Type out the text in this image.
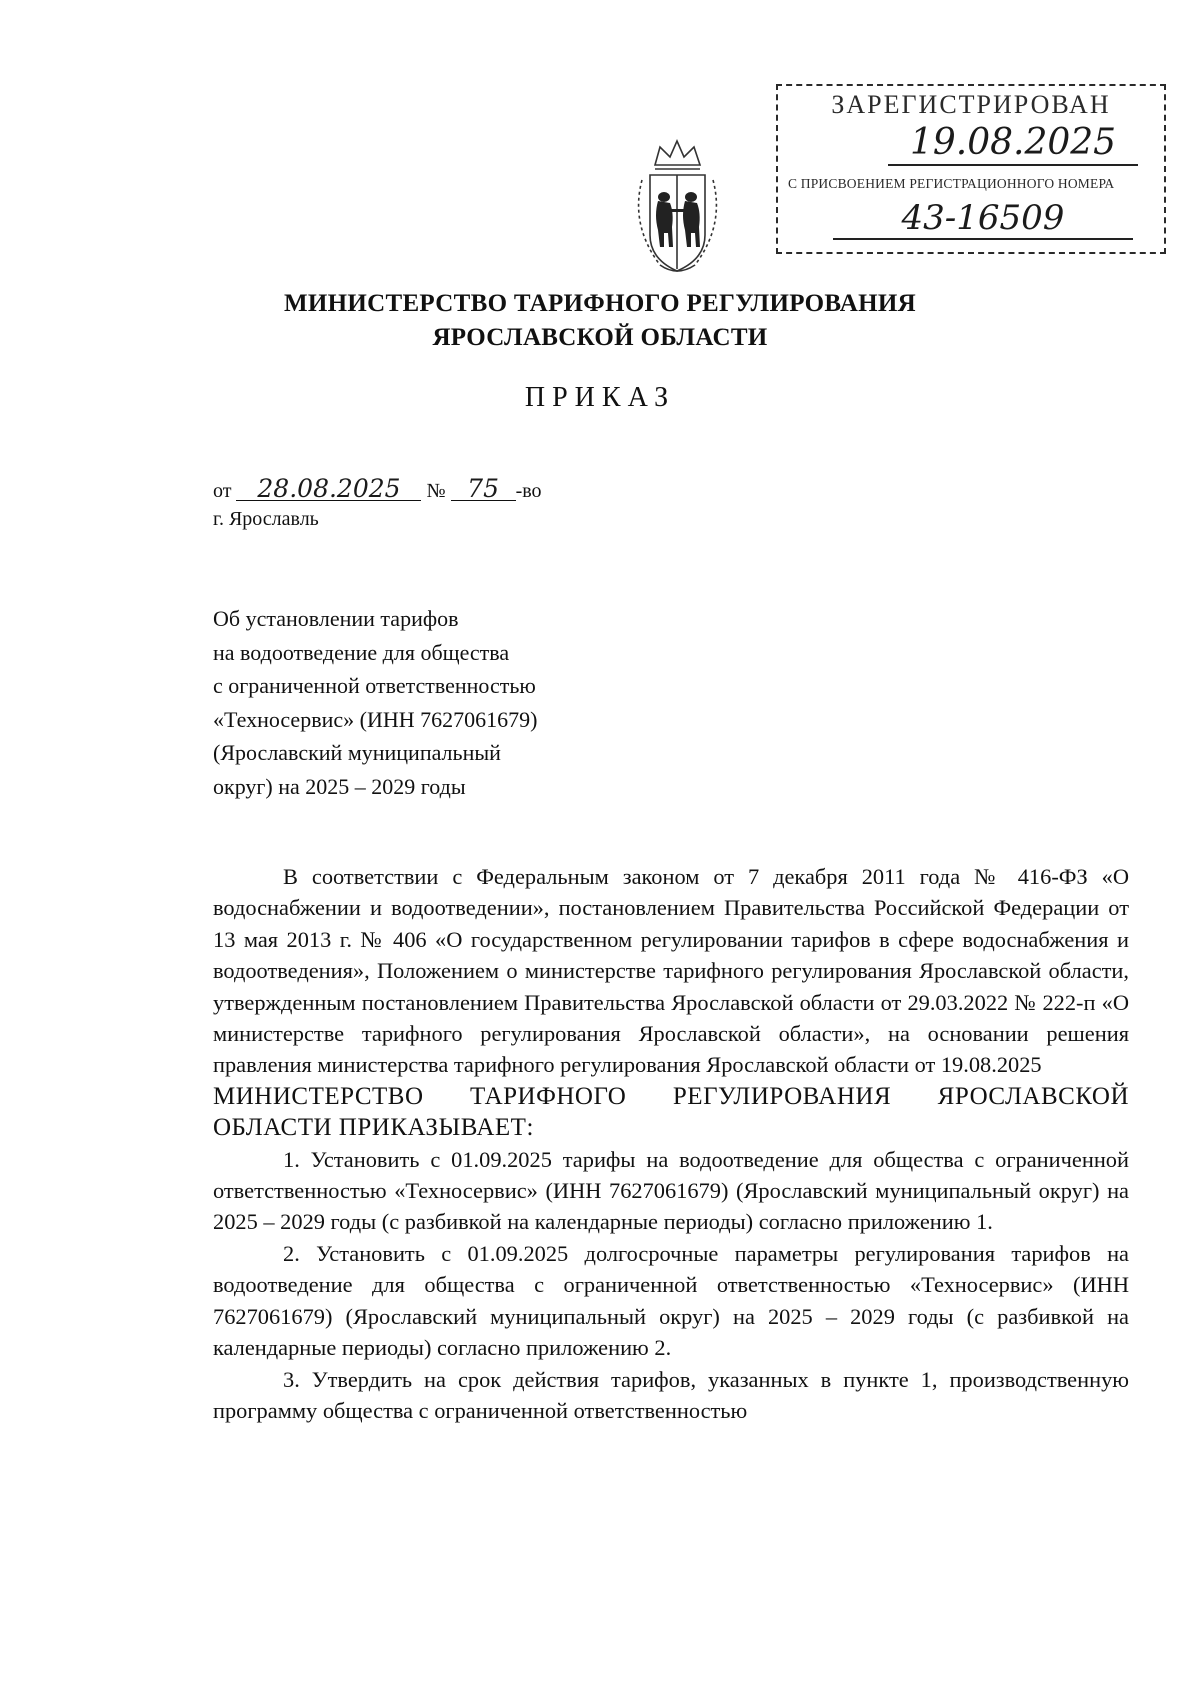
ЗАРЕГИСТРИРОВАН
19.08.2025
С ПРИСВОЕНИЕМ РЕГИСТРАЦИОННОГО НОМЕРА
43-16509
МИНИСТЕРСТВО ТАРИФНОГО РЕГУЛИРОВАНИЯ
ЯРОСЛАВСКОЙ ОБЛАСТИ
ПРИКАЗ
от 28.08.2025 № 75 -во
г. Ярославль
Об установлении тарифов
на водоотведение для общества
с ограниченной ответственностью
«Техносервис» (ИНН 7627061679)
(Ярославский муниципальный
округ) на 2025 – 2029 годы

В соответствии с Федеральным законом от 7 декабря 2011 года № 416-ФЗ «О водоснабжении и водоотведении», постановлением Правительства Российской Федерации от 13 мая 2013 г. № 406 «О государственном регулировании тарифов в сфере водоснабжения и водоотведения», Положением о министерстве тарифного регулирования Ярославской области, утвержденным постановлением Правительства Ярославской области от 29.03.2022 № 222-п «О министерстве тарифного регулирования Ярославской области», на основании решения правления министерства тарифного регулирования Ярославской области от 19.08.2025

МИНИСТЕРСТВО ТАРИФНОГО РЕГУЛИРОВАНИЯ ЯРОСЛАВСКОЙ ОБЛАСТИ ПРИКАЗЫВАЕТ:

1. Установить с 01.09.2025 тарифы на водоотведение для общества с ограниченной ответственностью «Техносервис» (ИНН 7627061679) (Ярославский муниципальный округ) на 2025 – 2029 годы (с разбивкой на календарные периоды) согласно приложению 1.

2. Установить с 01.09.2025 долгосрочные параметры регулирования тарифов на водоотведение для общества с ограниченной ответственностью «Техносервис» (ИНН 7627061679) (Ярославский муниципальный округ) на 2025 – 2029 годы (с разбивкой на календарные периоды) согласно приложению 2.

3. Утвердить на срок действия тарифов, указанных в пункте 1, производственную программу общества с ограниченной ответственностью
